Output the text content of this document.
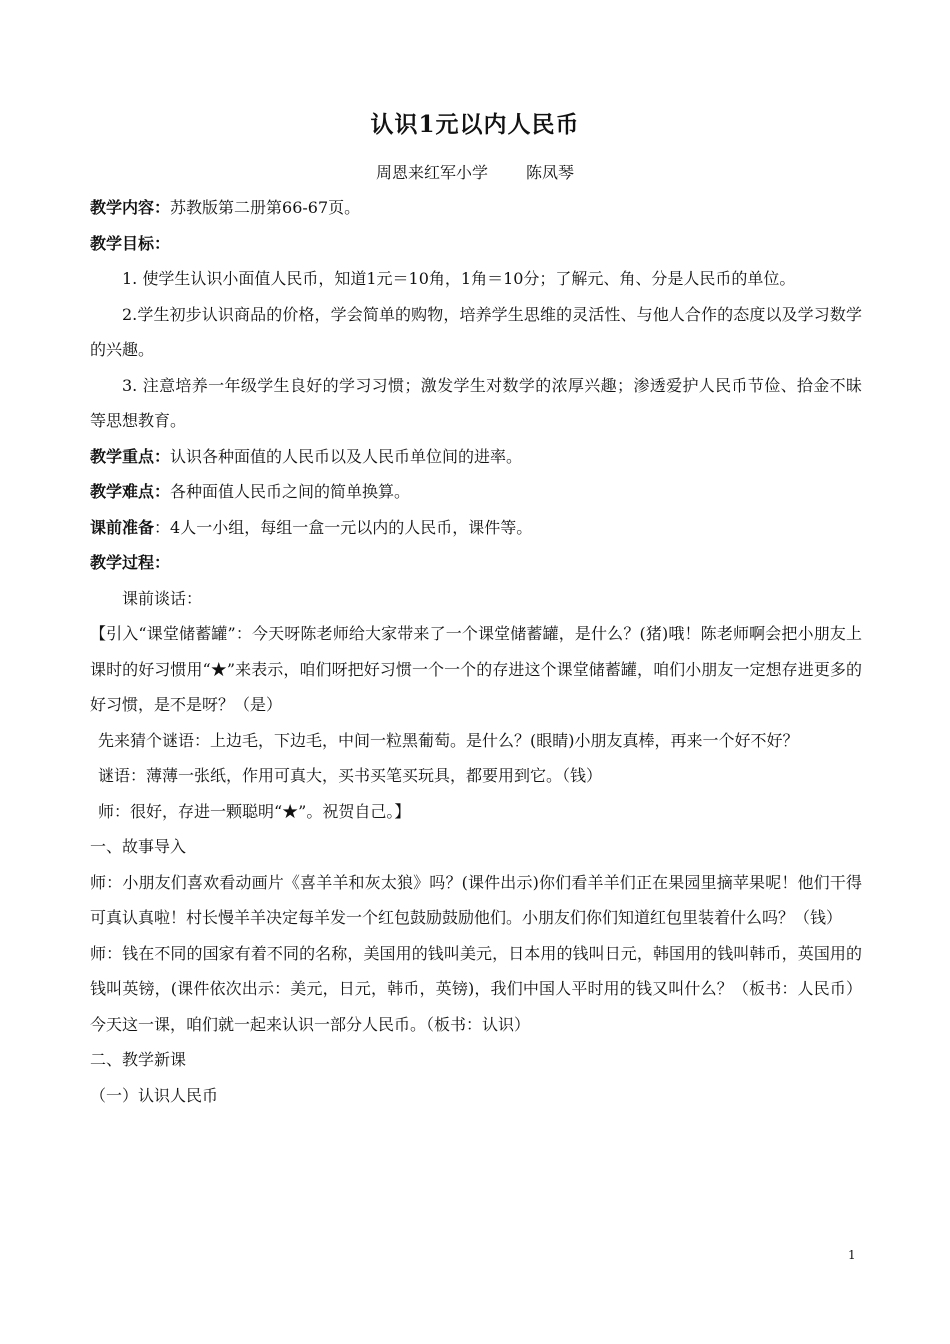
认识1元以内人民币
周恩来红军小学 陈凤琴

教学内容：苏教版第二册第66-67页。

教学目标：

1. 使学生认识小面值人民币，知道1元＝10角，1角＝10分；了解元、角、分是人民币的单位。

2.学生初步认识商品的价格，学会简单的购物，培养学生思维的灵活性、与他人合作的态度以及学习数学的兴趣。

3. 注意培养一年级学生良好的学习习惯；激发学生对数学的浓厚兴趣；渗透爱护人民币节俭、拾金不昧等思想教育。

教学重点：认识各种面值的人民币以及人民币单位间的进率。

教学难点：各种面值人民币之间的简单换算。

课前准备：4人一小组，每组一盒一元以内的人民币，课件等。

教学过程：

课前谈话：

【引入“课堂储蓄罐”：今天呀陈老师给大家带来了一个课堂储蓄罐，是什么？(猪)哦！陈老师啊会把小朋友上课时的好习惯用“★”来表示，咱们呀把好习惯一个一个的存进这个课堂储蓄罐，咱们小朋友一定想存进更多的好习惯，是不是呀？（是）

先来猜个谜语：上边毛，下边毛，中间一粒黑葡萄。是什么？(眼睛)小朋友真棒，再来一个好不好？

谜语：薄薄一张纸，作用可真大，买书买笔买玩具，都要用到它。（钱）

师：很好，存进一颗聪明“★”。祝贺自己。】

一、故事导入

师：小朋友们喜欢看动画片《喜羊羊和灰太狼》吗？(课件出示)你们看羊羊们正在果园里摘苹果呢！他们干得可真认真啦！村长慢羊羊决定每羊发一个红包鼓励鼓励他们。小朋友们你们知道红包里装着什么吗？（钱）

师：钱在不同的国家有着不同的名称，美国用的钱叫美元，日本用的钱叫日元，韩国用的钱叫韩币，英国用的钱叫英镑，(课件依次出示：美元，日元，韩币，英镑)，我们中国人平时用的钱又叫什么？（板书：人民币）今天这一课，咱们就一起来认识一部分人民币。（板书：认识）

二、教学新课

（一）认识人民币

1
